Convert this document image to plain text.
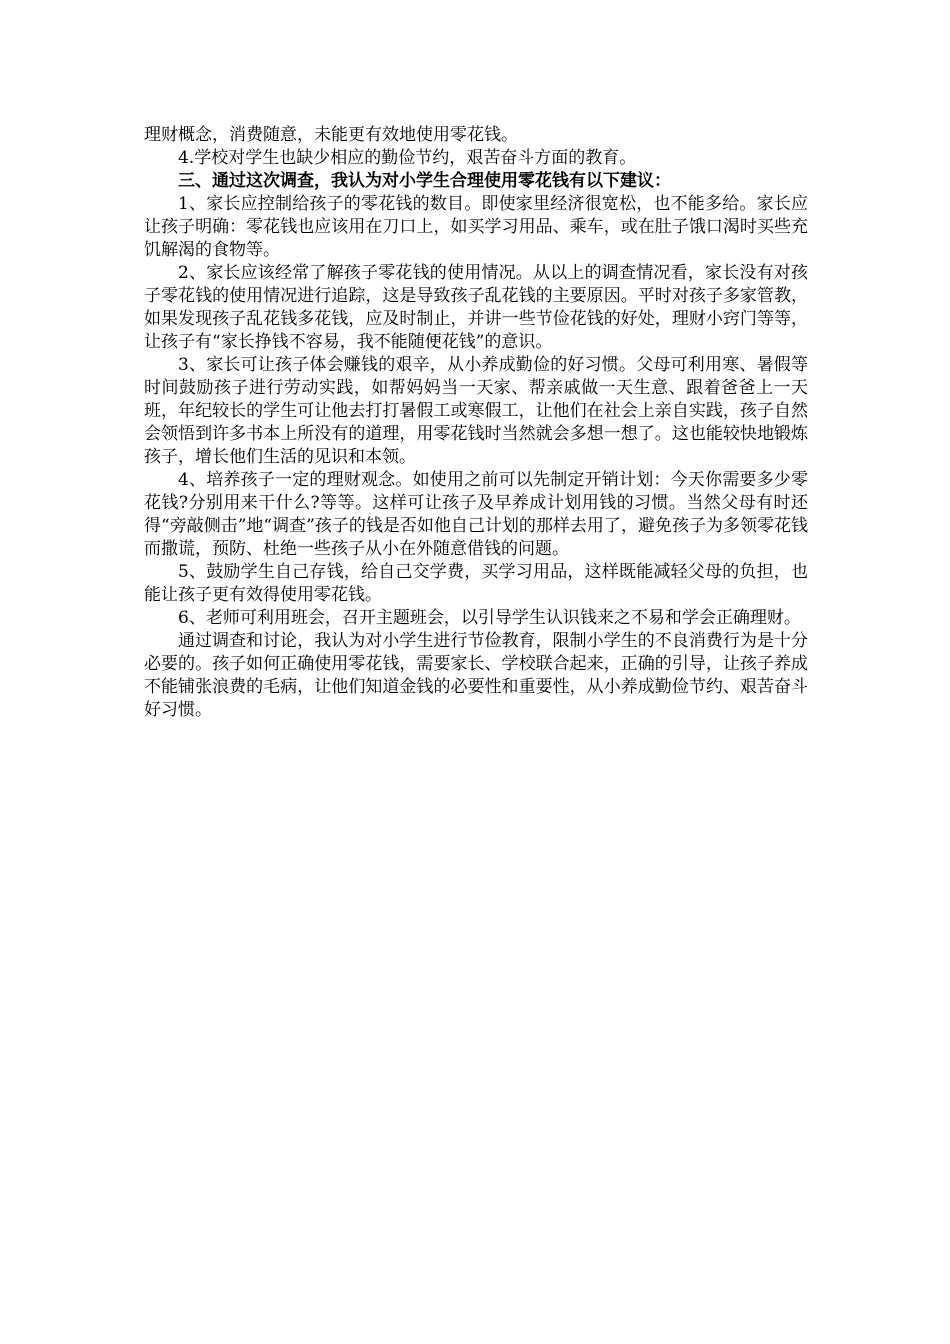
理财概念，消费随意，未能更有效地使用零花钱。

4.学校对学生也缺少相应的勤俭节约，艰苦奋斗方面的教育。

三、通过这次调查，我认为对小学生合理使用零花钱有以下建议：

1、家长应控制给孩子的零花钱的数目。即使家里经济很宽松，也不能多给。家长应让孩子明确：零花钱也应该用在刀口上，如买学习用品、乘车，或在肚子饿口渴时买些充饥解渴的食物等。

2、家长应该经常了解孩子零花钱的使用情况。从以上的调查情况看，家长没有对孩子零花钱的使用情况进行追踪，这是导致孩子乱花钱的主要原因。平时对孩子多家管教，如果发现孩子乱花钱多花钱，应及时制止，并讲一些节俭花钱的好处，理财小窍门等等，让孩子有“家长挣钱不容易，我不能随便花钱”的意识。

3、家长可让孩子体会赚钱的艰辛，从小养成勤俭的好习惯。父母可利用寒、暑假等时间鼓励孩子进行劳动实践，如帮妈妈当一天家、帮亲戚做一天生意、跟着爸爸上一天班，年纪较长的学生可让他去打打暑假工或寒假工，让他们在社会上亲自实践，孩子自然会领悟到许多书本上所没有的道理，用零花钱时当然就会多想一想了。这也能较快地锻炼孩子，增长他们生活的见识和本领。

4、培养孩子一定的理财观念。如使用之前可以先制定开销计划：今天你需要多少零花钱?分别用来干什么?等等。这样可让孩子及早养成计划用钱的习惯。当然父母有时还得“旁敲侧击”地“调查”孩子的钱是否如他自己计划的那样去用了，避免孩子为多领零花钱而撒谎，预防、杜绝一些孩子从小在外随意借钱的问题。

5、鼓励学生自己存钱，给自己交学费，买学习用品，这样既能减轻父母的负担，也能让孩子更有效得使用零花钱。

6、老师可利用班会，召开主题班会，以引导学生认识钱来之不易和学会正确理财。

通过调查和讨论，我认为对小学生进行节俭教育，限制小学生的不良消费行为是十分必要的。孩子如何正确使用零花钱，需要家长、学校联合起来，正确的引导，让孩子养成不能铺张浪费的毛病，让他们知道金钱的必要性和重要性，从小养成勤俭节约、艰苦奋斗好习惯。
